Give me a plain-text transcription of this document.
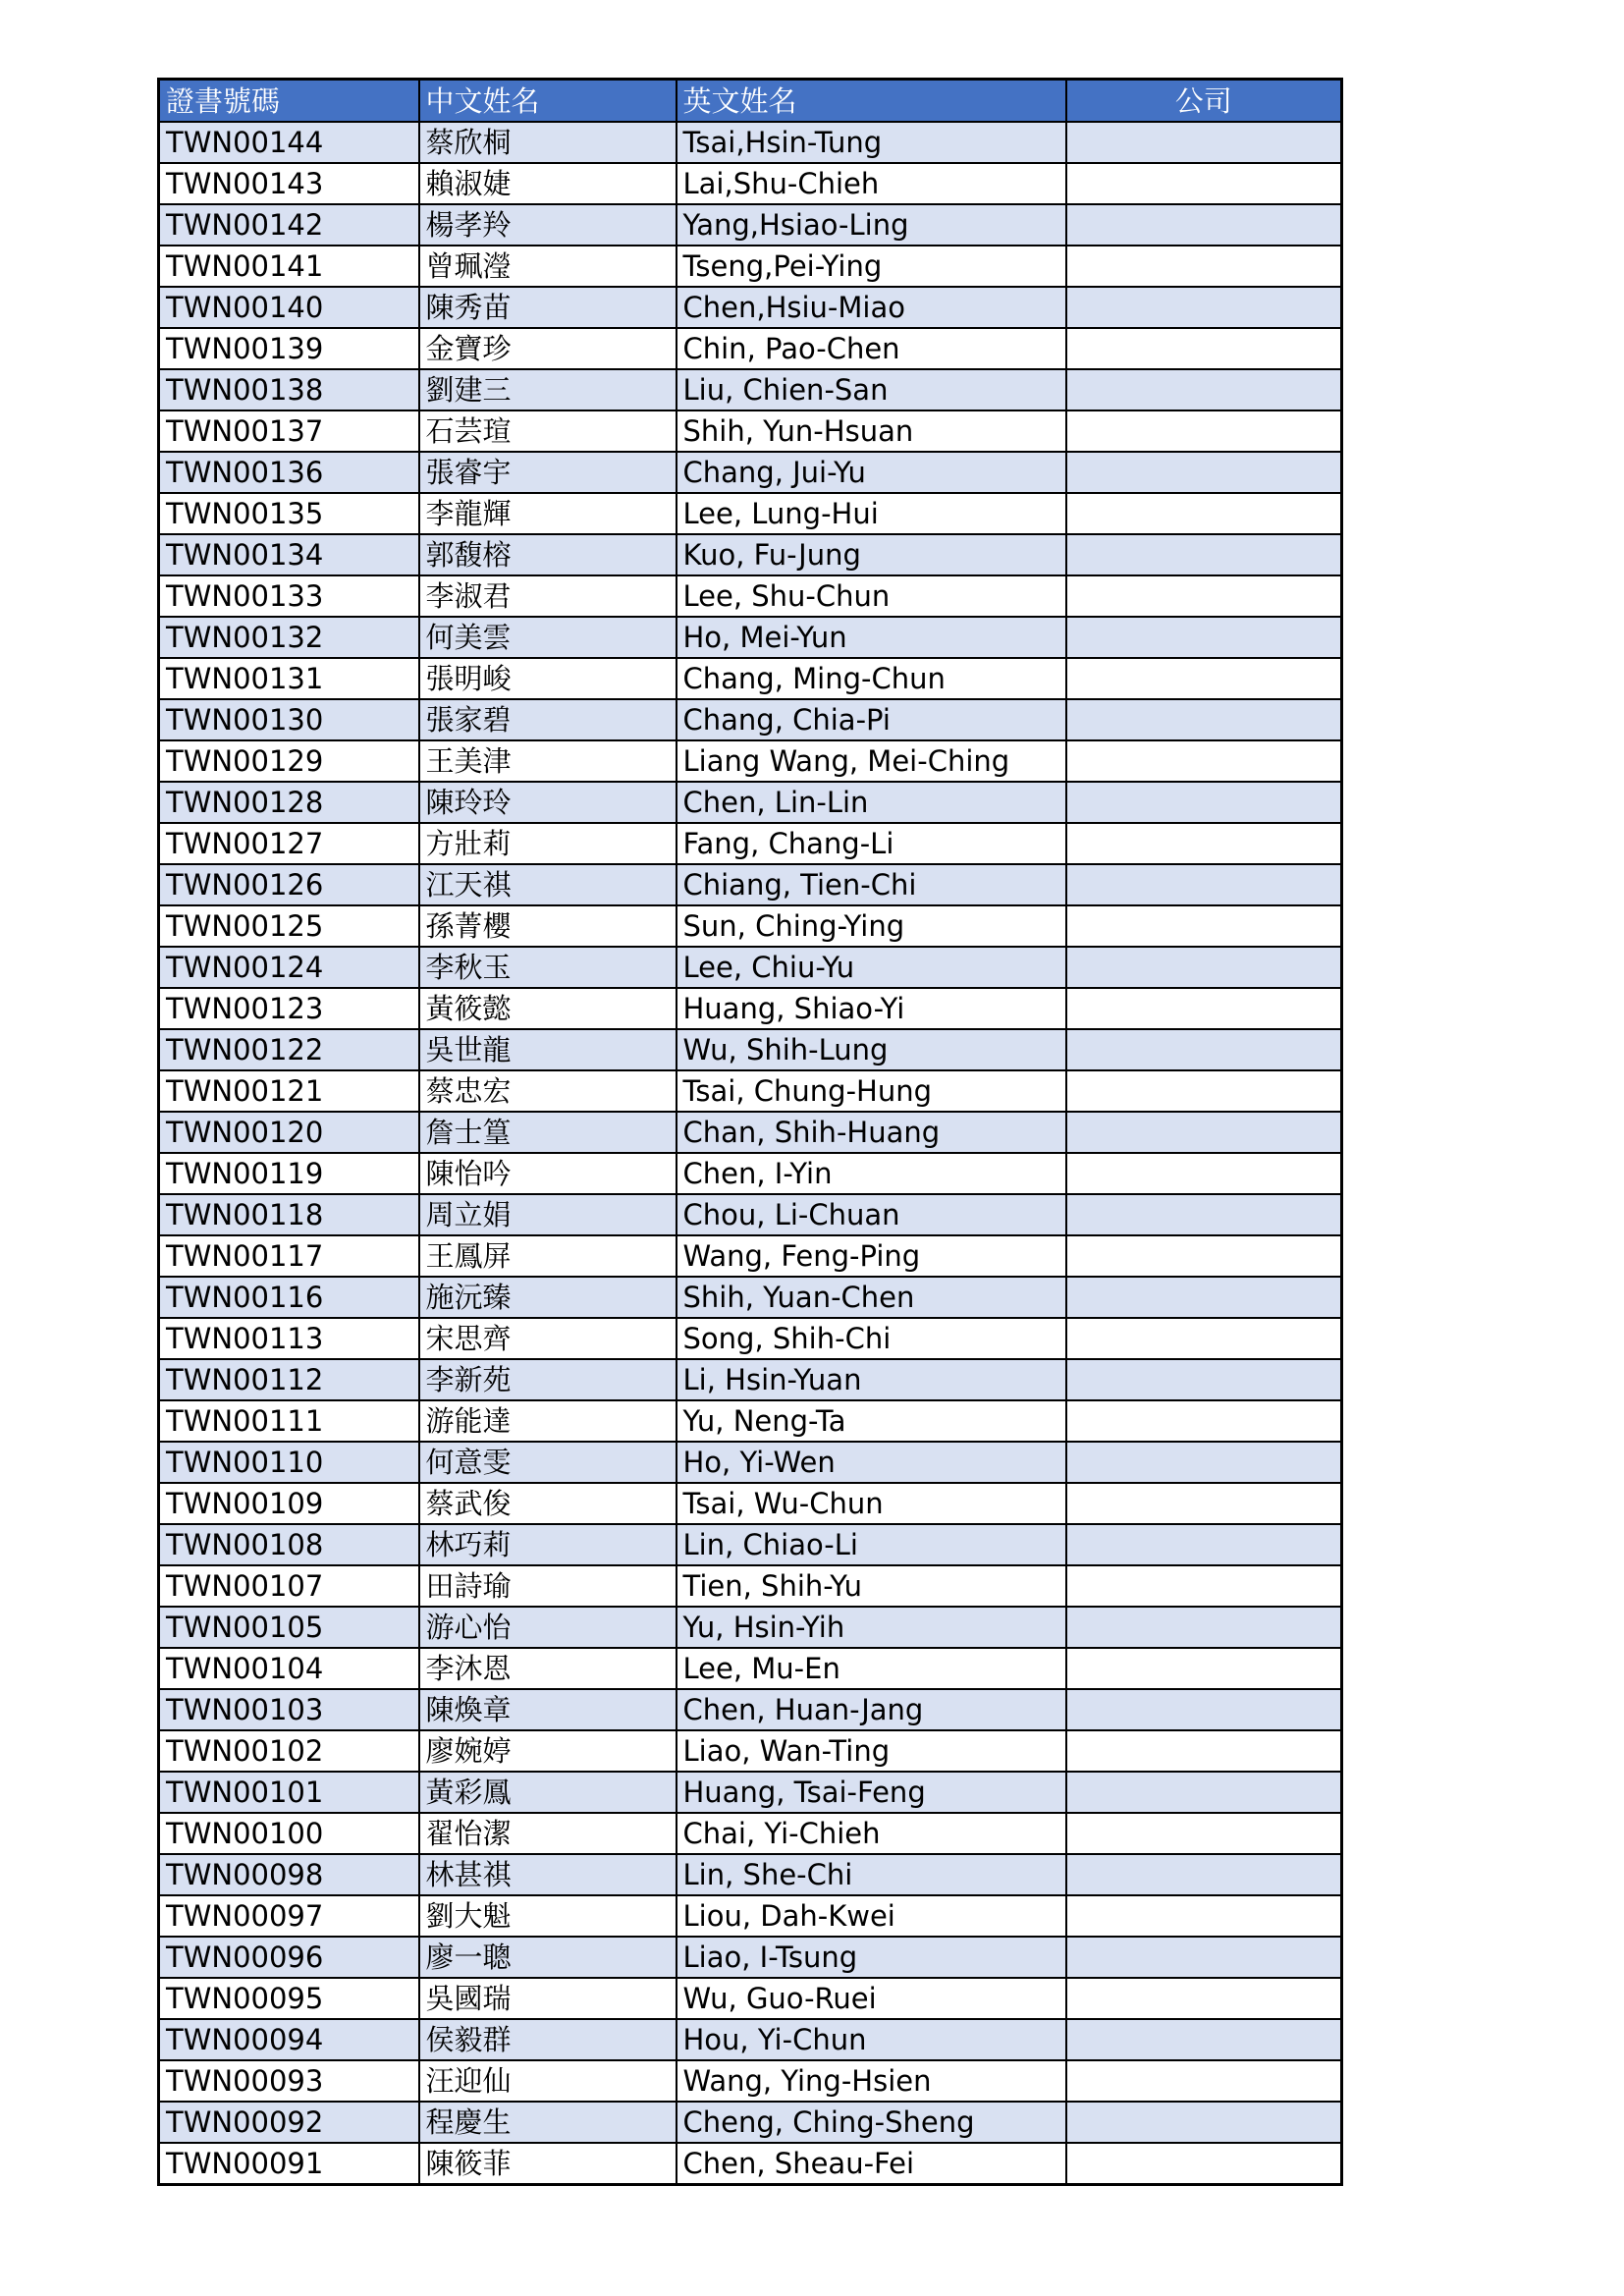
證書號碼	中文姓名	英文姓名	公司
TWN00144	蔡欣桐	Tsai,Hsin-Tung	
TWN00143	賴淑婕	Lai,Shu-Chieh	
TWN00142	楊孝羚	Yang,Hsiao-Ling	
TWN00141	曾珮瀅	Tseng,Pei-Ying	
TWN00140	陳秀苗	Chen,Hsiu-Miao	
TWN00139	金寶珍	Chin, Pao-Chen	
TWN00138	劉建三	Liu, Chien-San	
TWN00137	石芸瑄	Shih, Yun-Hsuan	
TWN00136	張睿宇	Chang, Jui-Yu	
TWN00135	李龍輝	Lee, Lung-Hui	
TWN00134	郭馥榕	Kuo, Fu-Jung	
TWN00133	李淑君	Lee, Shu-Chun	
TWN00132	何美雲	Ho, Mei-Yun	
TWN00131	張明峻	Chang, Ming-Chun	
TWN00130	張家碧	Chang, Chia-Pi	
TWN00129	王美津	Liang Wang, Mei-Ching	
TWN00128	陳玲玲	Chen, Lin-Lin	
TWN00127	方壯莉	Fang, Chang-Li	
TWN00126	江天祺	Chiang, Tien-Chi	
TWN00125	孫菁櫻	Sun, Ching-Ying	
TWN00124	李秋玉	Lee, Chiu-Yu	
TWN00123	黃筱懿	Huang, Shiao-Yi	
TWN00122	吳世龍	Wu, Shih-Lung	
TWN00121	蔡忠宏	Tsai, Chung-Hung	
TWN00120	詹士篁	Chan, Shih-Huang	
TWN00119	陳怡吟	Chen, I-Yin	
TWN00118	周立娟	Chou, Li-Chuan	
TWN00117	王鳳屏	Wang, Feng-Ping	
TWN00116	施沅臻	Shih, Yuan-Chen	
TWN00113	宋思齊	Song, Shih-Chi	
TWN00112	李新苑	Li, Hsin-Yuan	
TWN00111	游能達	Yu, Neng-Ta	
TWN00110	何意雯	Ho, Yi-Wen	
TWN00109	蔡武俊	Tsai, Wu-Chun	
TWN00108	林巧莉	Lin, Chiao-Li	
TWN00107	田詩瑜	Tien, Shih-Yu	
TWN00105	游心怡	Yu, Hsin-Yih	
TWN00104	李沐恩	Lee, Mu-En	
TWN00103	陳煥章	Chen, Huan-Jang	
TWN00102	廖婉婷	Liao, Wan-Ting	
TWN00101	黃彩鳳	Huang, Tsai-Feng	
TWN00100	翟怡潔	Chai, Yi-Chieh	
TWN00098	林甚祺	Lin, She-Chi	
TWN00097	劉大魁	Liou, Dah-Kwei	
TWN00096	廖一聰	Liao, I-Tsung	
TWN00095	吳國瑞	Wu, Guo-Ruei	
TWN00094	侯毅群	Hou, Yi-Chun	
TWN00093	汪迎仙	Wang, Ying-Hsien	
TWN00092	程慶生	Cheng, Ching-Sheng	
TWN00091	陳筱菲	Chen, Sheau-Fei	
